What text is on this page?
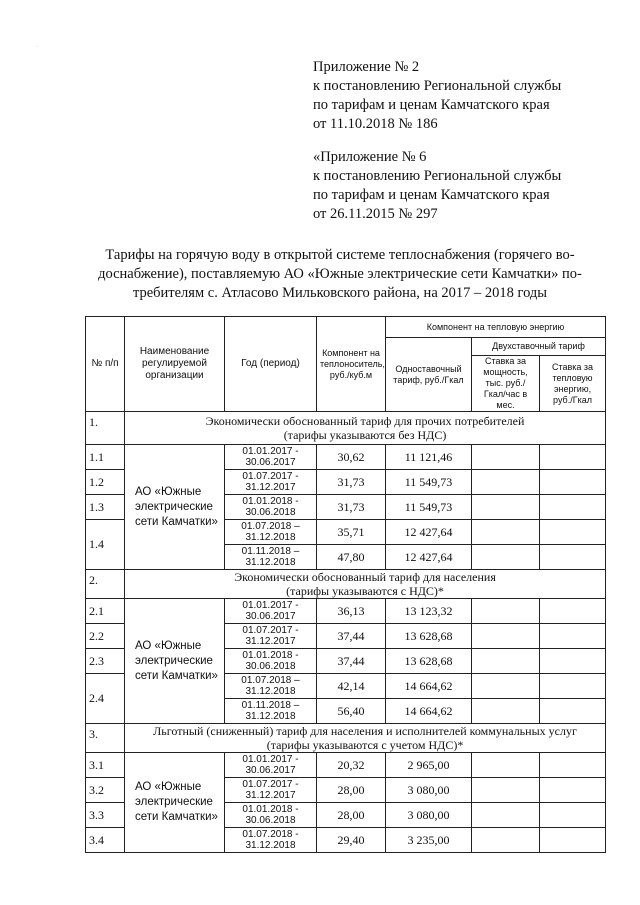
·
Приложение № 2
к постановлению Региональной службы
по тарифам и ценам Камчатского края
от 11.10.2018 № 186
«Приложение № 6
к постановлению Региональной службы
по тарифам и ценам Камчатского края
от 26.11.2015 № 297
Тарифы на горячую воду в открытой системе теплоснабжения (горячего во-
доснабжение), поставляемую АО «Южные электрические сети Камчатки» по-
требителям с. Атласово Мильковского района, на 2017 – 2018 годы
№ п/п	Наименование регулируемой организации	Год (период)	Компонент на теплоноситель, руб./куб.м	Компонент на тепловую энергию		
				Одноставочный тариф, руб./Гкал	Двухставочный тариф	
					Ставка за мощность, тыс. руб./Гкал/час в мес.	Ставка за тепловую энергию, руб./Гкал
1.	Экономически обоснованный тариф для прочих потребителей
(тарифы указываются без НДС)					

1.1	АО «Южные электрические сети Камчатки»	01.01.2017 -
30.06.2017	30,62	11 121,46		
1.2		01.07.2017 -
31.12.2017	31,73	11 549,73		
1.3		01.01.2018 -
30.06.2018	31,73	11 549,73		
1.4		01.07.2018 –
31.12.2018	35,71	12 427,64		

		01.11.2018 –
31.12.2018	47,80	12 427,64		
2.	Экономически обоснованный тариф для населения
(тарифы указываются с НДС)*					

2.1	АО «Южные электрические сети Камчатки»	01.01.2017 -
30.06.2017	36,13	13 123,32		
2.2		01.07.2017 -
31.12.2017	37,44	13 628,68		
2.3		01.01.2018 -
30.06.2018	37,44	13 628,68		
2.4		01.07.2018 –
31.12.2018	42,14	14 664,62		

		01.11.2018 –
31.12.2018	56,40	14 664,62		
3.	Льготный (сниженный) тариф для населения и исполнителей коммунальных услуг
(тарифы указываются с учетом НДС)*					

3.1	АО «Южные электрические сети Камчатки»	01.01.2017 -
30.06.2017	20,32	2 965,00		
3.2		01.07.2017 -
31.12.2017	28,00	3 080,00		
3.3		01.01.2018 -
30.06.2018	28,00	3 080,00		
3.4		01.07.2018 -
31.12.2018	29,40	3 235,00		
